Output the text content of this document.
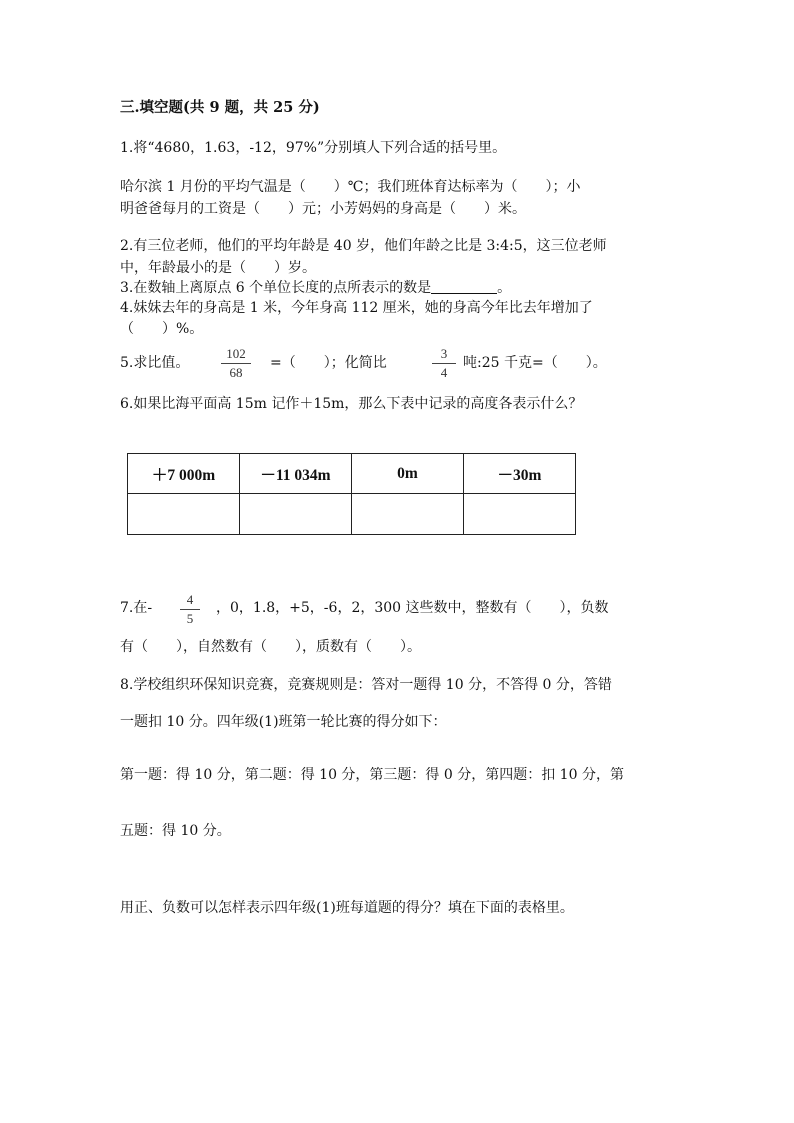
三.填空题(共 9 题，共 25 分)
1.将“4680，1.63，-12，97%”分别填人下列合适的括号里。
哈尔滨 1 月份的平均气温是（　　）℃；我们班体育达标率为（　　）；小
明爸爸每月的工资是（　　）元；小芳妈妈的身高是（　　）米。
2.有三位老师，他们的平均年龄是 40 岁，他们年龄之比是 3:4:5，这三位老师
中，年龄最小的是（　　）岁。
3.在数轴上离原点 6 个单位长度的点所表示的数是	。
4.妹妹去年的身高是 1 米，今年身高 112 厘米，她的身高今年比去年增加了
（　　）%。
5.求比值。
102
68
=（　　）；化简比
3
4
吨:25 千克=（　　）。
6.如果比海平面高 15m 记作＋15m，那么下表中记录的高度各表示什么？
＋7 000m	－11 034m	0m	－30m

7.在-
4
5
，0，1.8，+5，-6，2，300 这些数中，整数有（　　），负数
有（　　），自然数有（　　），质数有（　　）。
8.学校组织环保知识竞赛，竞赛规则是：答对一题得 10 分，不答得 0 分，答错
一题扣 10 分。四年级(1)班第一轮比赛的得分如下：
第一题：得 10 分，第二题：得 10 分，第三题：得 0 分，第四题：扣 10 分，第
五题：得 10 分。
用正、负数可以怎样表示四年级(1)班每道题的得分？填在下面的表格里。
